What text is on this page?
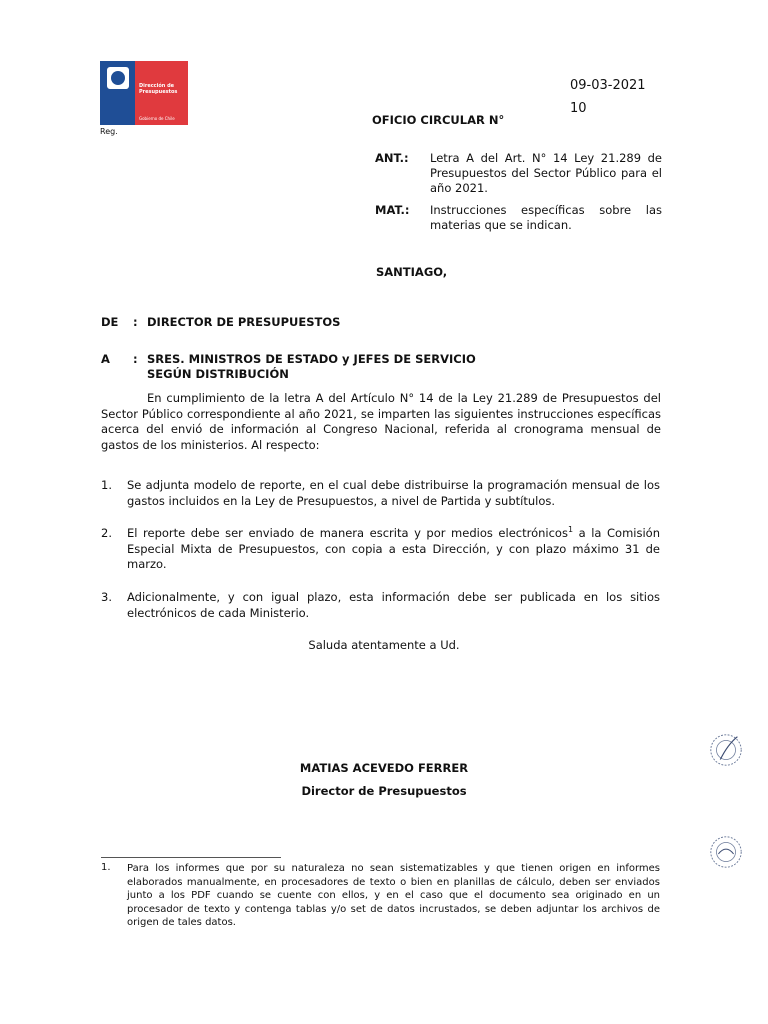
Dirección de
Presupuestos
Gobierno de Chile
Reg.
09-03-2021
10
OFICIO CIRCULAR N°
ANT.: Letra A del Art. N° 14 Ley 21.289 de Presupuestos del Sector Público para el año 2021.
MAT.: Instrucciones específicas sobre las materias que se indican.
SANTIAGO,
DE : DIRECTOR DE PRESUPUESTOS
A : SRES. MINISTROS DE ESTADO y JEFES DE SERVICIO
SEGÚN DISTRIBUCIÓN
En cumplimiento de la letra A del Artículo N° 14 de la Ley 21.289 de Presupuestos del Sector Público correspondiente al año 2021, se imparten las siguientes instrucciones específicas acerca del envió de información al Congreso Nacional, referida al cronograma mensual de gastos de los ministerios. Al respecto:
1. Se adjunta modelo de reporte, en el cual debe distribuirse la programación mensual de los gastos incluidos en la Ley de Presupuestos, a nivel de Partida y subtítulos.
2. El reporte debe ser enviado de manera escrita y por medios electrónicos$^1$ a la Comisión Especial Mixta de Presupuestos, con copia a esta Dirección, y con plazo máximo 31 de marzo.
3. Adicionalmente, y con igual plazo, esta información debe ser publicada en los sitios electrónicos de cada Ministerio.
Saluda atentamente a Ud.
MATIAS ACEVEDO FERRER
Director de Presupuestos
1. Para los informes que por su naturaleza no sean sistematizables y que tienen origen en informes elaborados manualmente, en procesadores de texto o bien en planillas de cálculo, deben ser enviados junto a los PDF cuando se cuente con ellos, y en el caso que el documento sea originado en un procesador de texto y contenga tablas y/o set de datos incrustados, se deben adjuntar los archivos de origen de tales datos.
